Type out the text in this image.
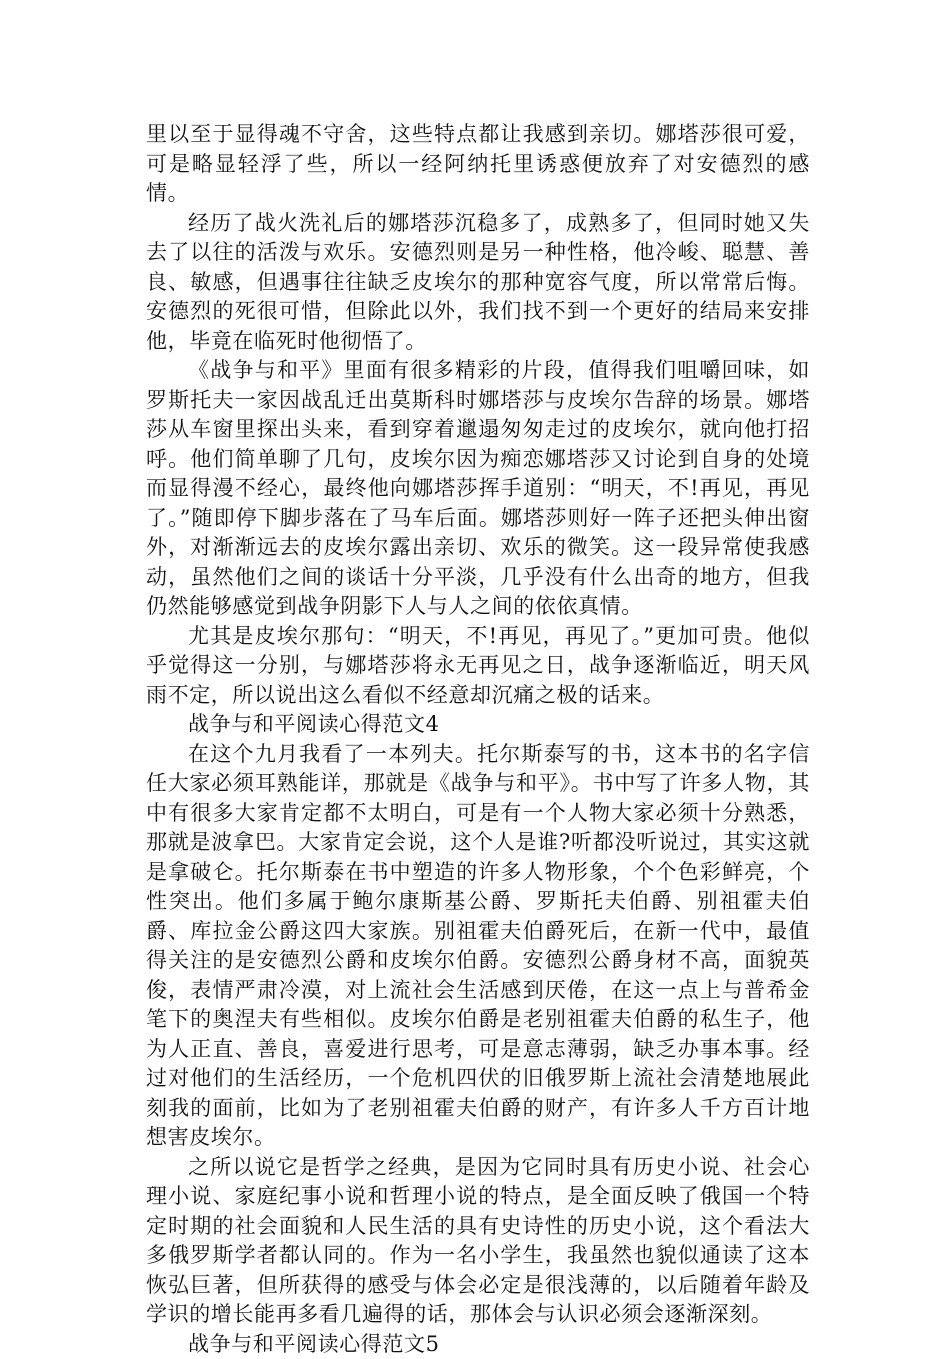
里以至于显得魂不守舍，这些特点都让我感到亲切。娜塔莎很可爱，可是略显轻浮了些，所以一经阿纳托里诱惑便放弃了对安德烈的感情。

经历了战火洗礼后的娜塔莎沉稳多了，成熟多了，但同时她又失去了以往的活泼与欢乐。安德烈则是另一种性格，他冷峻、聪慧、善良、敏感，但遇事往往缺乏皮埃尔的那种宽容气度，所以常常后悔。安德烈的死很可惜，但除此以外，我们找不到一个更好的结局来安排他，毕竟在临死时他彻悟了。

《战争与和平》里面有很多精彩的片段，值得我们咀嚼回味，如罗斯托夫一家因战乱迁出莫斯科时娜塔莎与皮埃尔告辞的场景。娜塔莎从车窗里探出头来，看到穿着邋遢匆匆走过的皮埃尔，就向他打招呼。他们简单聊了几句，皮埃尔因为痴恋娜塔莎又讨论到自身的处境而显得漫不经心，最终他向娜塔莎挥手道别：“明天，不!再见，再见了。”随即停下脚步落在了马车后面。娜塔莎则好一阵子还把头伸出窗外，对渐渐远去的皮埃尔露出亲切、欢乐的微笑。这一段异常使我感动，虽然他们之间的谈话十分平淡，几乎没有什么出奇的地方，但我仍然能够感觉到战争阴影下人与人之间的依依真情。

尤其是皮埃尔那句：“明天，不!再见，再见了。”更加可贵。他似乎觉得这一分别，与娜塔莎将永无再见之日，战争逐渐临近，明天风雨不定，所以说出这么看似不经意却沉痛之极的话来。

战争与和平阅读心得范文4

在这个九月我看了一本列夫。托尔斯泰写的书，这本书的名字信任大家必须耳熟能详，那就是《战争与和平》。书中写了许多人物，其中有很多大家肯定都不太明白，可是有一个人物大家必须十分熟悉，那就是波拿巴。大家肯定会说，这个人是谁?听都没听说过，其实这就是拿破仑。托尔斯泰在书中塑造的许多人物形象，个个色彩鲜亮，个性突出。他们多属于鲍尔康斯基公爵、罗斯托夫伯爵、别祖霍夫伯爵、库拉金公爵这四大家族。别祖霍夫伯爵死后，在新一代中，最值得关注的是安德烈公爵和皮埃尔伯爵。安德烈公爵身材不高，面貌英俊，表情严肃冷漠，对上流社会生活感到厌倦，在这一点上与普希金笔下的奥涅夫有些相似。皮埃尔伯爵是老别祖霍夫伯爵的私生子，他为人正直、善良，喜爱进行思考，可是意志薄弱，缺乏办事本事。经过对他们的生活经历，一个危机四伏的旧俄罗斯上流社会清楚地展此刻我的面前，比如为了老别祖霍夫伯爵的财产，有许多人千方百计地想害皮埃尔。

之所以说它是哲学之经典，是因为它同时具有历史小说、社会心理小说、家庭纪事小说和哲理小说的特点，是全面反映了俄国一个特定时期的社会面貌和人民生活的具有史诗性的历史小说，这个看法大多俄罗斯学者都认同的。作为一名小学生，我虽然也貌似通读了这本恢弘巨著，但所获得的感受与体会必定是很浅薄的，以后随着年龄及学识的增长能再多看几遍得的话，那体会与认识必须会逐渐深刻。

战争与和平阅读心得范文5
